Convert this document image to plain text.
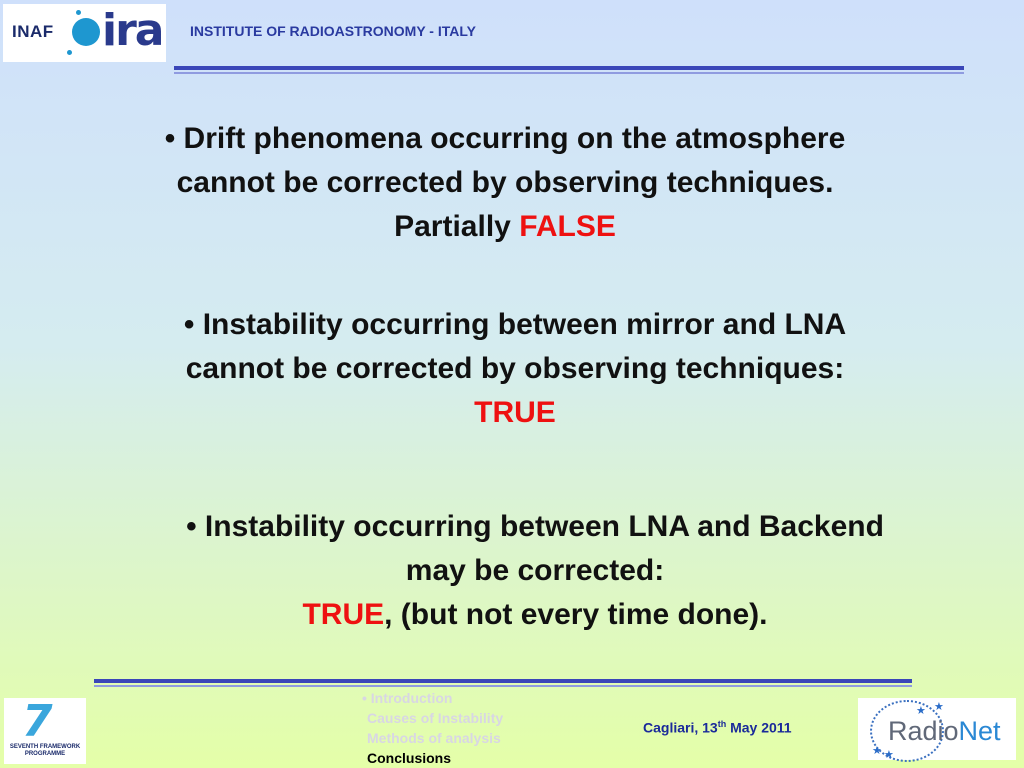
INAF ira INSTITUTE OF RADIOASTRONOMY - ITALY
• Drift phenomena occurring on the atmosphere
cannot be corrected by observing techniques.
Partially FALSE
• Instability occurring between mirror and LNA
cannot be corrected by observing techniques:
TRUE
• Instability occurring between LNA and Backend
may be corrected:
TRUE, (but not every time done).
7
SEVENTH FRAMEWORK PROGRAMME
• Introduction
Causes of Instability
Methods of analysis
Conclusions
Cagliari, 13th May 2011
★
★
★ ★
RadioNet
